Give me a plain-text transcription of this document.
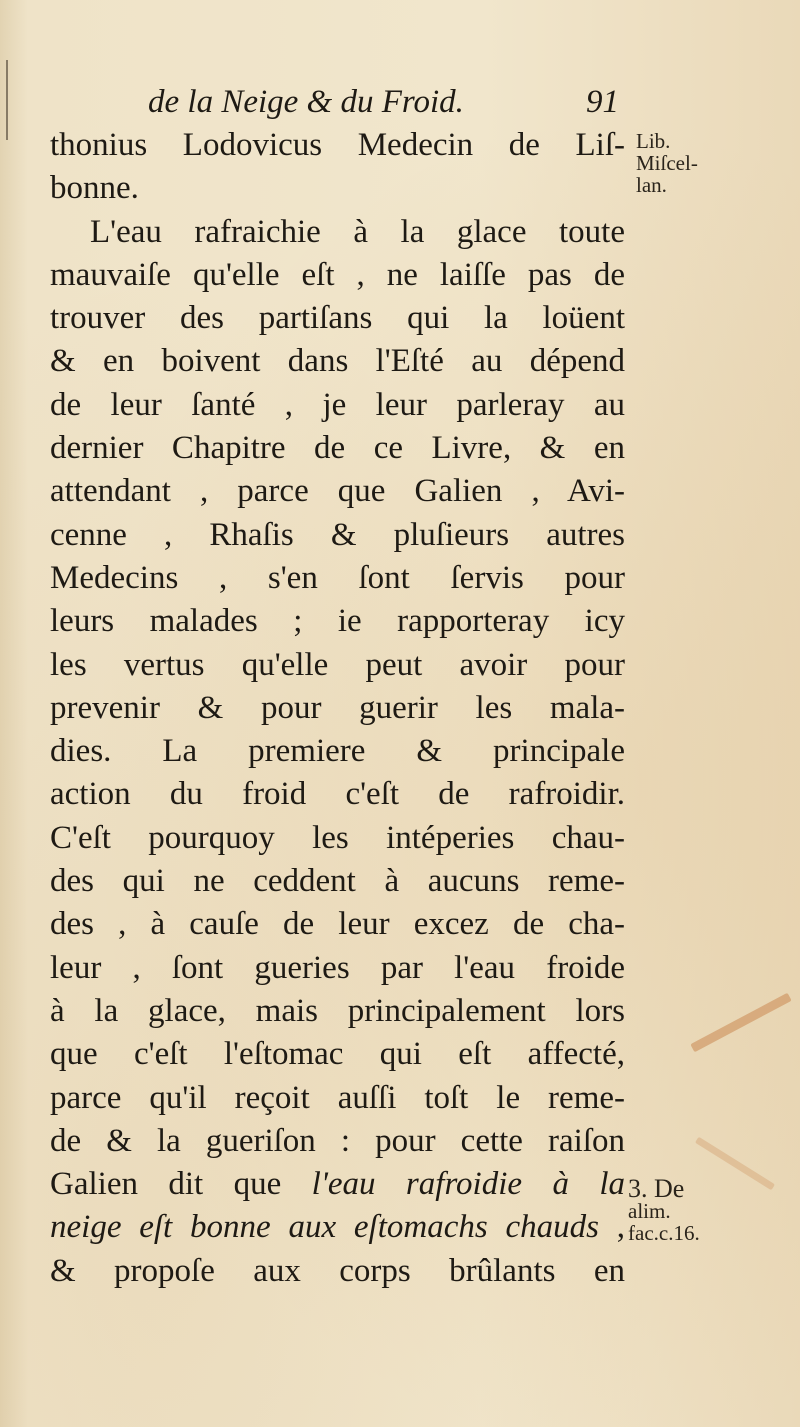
de la Neige & du Froid.	91
thonius Lodovicus Medecin de Liſ-
bonne.
L'eau rafraichie à la glace toute
mauvaiſe qu'elle eſt , ne laiſſe pas de
trouver des partiſans qui la loüent
& en boivent dans l'Eſté au dépend
de leur ſanté , je leur parleray au
dernier Chapitre de ce Livre, & en
attendant , parce que Galien , Avi-
cenne , Rhaſis & pluſieurs autres
Medecins , s'en ſont ſervis pour
leurs malades ; ie rapporteray icy
les vertus qu'elle peut avoir pour
prevenir & pour guerir les mala-
dies. La premiere & principale
action du froid c'eſt de rafroidir.
C'eſt pourquoy les intéperies chau-
des qui ne ceddent à aucuns reme-
des , à cauſe de leur excez de cha-
leur , ſont gueries par l'eau froide
à la glace, mais principalement lors
que c'eſt l'eſtomac qui eſt affecté,
parce qu'il reçoit auſſi toſt le reme-
de & la gueriſon : pour cette raiſon
Galien dit que l'eau rafroidie à la
neige eſt bonne aux eſtomachs chauds ,
& propoſe aux corps brûlants en
Lib.
Miſcel-
lan.
3. De
alim.
fac.c.16.
